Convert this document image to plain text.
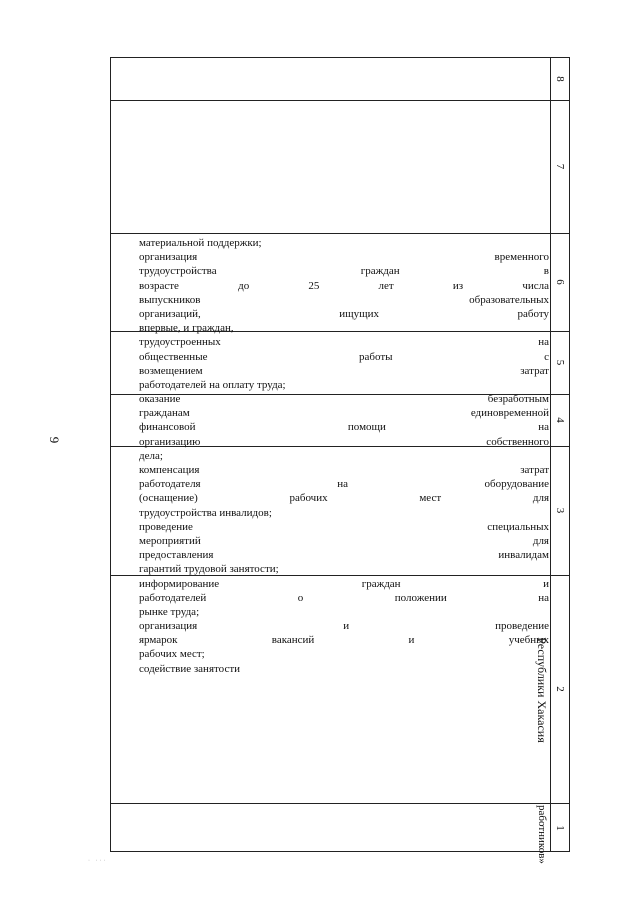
9
· ···
8
7
6
5
4
3
2
1
материальной поддержки;
организация временного
трудоустройства граждан в
возрасте до 25 лет из числа
выпускников образовательных
организаций, ищущих работу
впервые, и граждан,
трудоустроенных на
общественные работы с
возмещением затрат
работодателей на оплату труда;
оказание безработным
гражданам единовременной
финансовой помощи на
организацию собственного
дела;
компенсация затрат
работодателя на оборудование
(оснащение) рабочих мест для
трудоустройства инвалидов;
проведение специальных
мероприятий для
предоставления инвалидам
гарантий трудовой занятости;
информирование граждан и
работодателей о положении на
рынке труда;
организация и проведение
ярмарок вакансий и учебных
рабочих мест;
содействие занятости	Республики Хакасия
работников»
